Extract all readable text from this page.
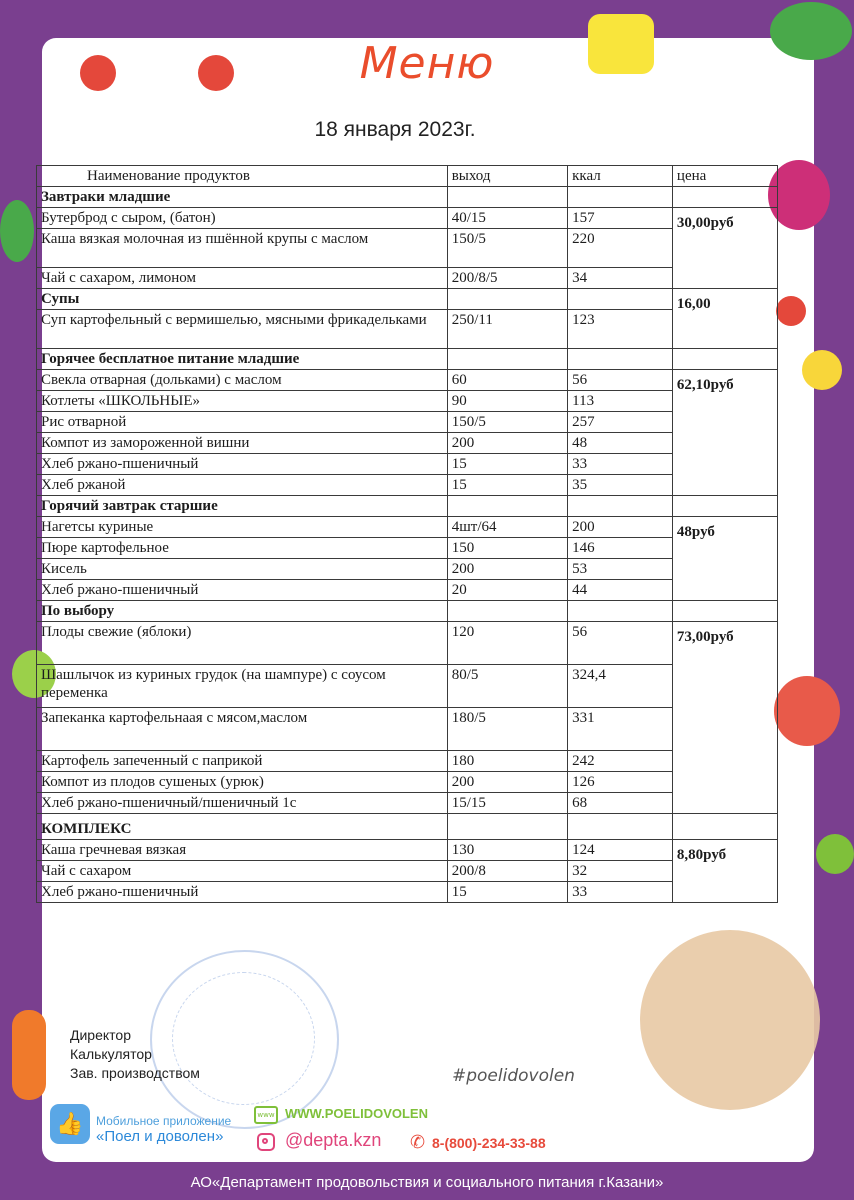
Меню
18 января 2023г.
Наименование продуктов	выход	ккал	цена
Завтраки младшие			
Бутерброд с сыром, (батон)	40/15	157	30,00руб
Каша вязкая молочная из пшённой крупы с маслом	150/5	220	
Чай с сахаром, лимоном	200/8/5	34	
Супы			16,00
Суп картофельный с вермишелью, мясными фрикадельками	250/11	123	
Горячее бесплатное питание младшие			
Свекла отварная (дольками) с маслом	60	56	62,10руб
Котлеты «ШКОЛЬНЫЕ»	90	113	
Рис отварной	150/5	257	
Компот из замороженной вишни	200	48	
Хлеб ржано-пшеничный	15	33	
Хлеб ржаной	15	35	
Горячий завтрак старшие			
Нагетсы куриные	4шт/64	200	48руб
Пюре картофельное	150	146	
Кисель	200	53	
Хлеб ржано-пшеничный	20	44	
По выбору			
Плоды свежие (яблоки)	120	56	73,00руб
Шашлычок из куриных грудок (на шампуре) с соусом переменка	80/5	324,4	
Запеканка картофельнаая с мясом,маслом	180/5	331	
Картофель запеченный с паприкой	180	242	
Компот из плодов сушеных (урюк)	200	126	
Хлеб ржано-пшеничный/пшеничный 1с	15/15	68	
КОМПЛЕКС			
Каша гречневая вязкая	130	124	8,80руб
Чай с сахаром	200/8	32	
Хлеб ржано-пшеничный	15	33	
Директор
Калькулятор
Зав. производством	#poelidovolen
👍	Мобильное приложение
«Поел и доволен»
www WWW.POELIDOVOLEN
@depta.kzn ✆ 8-(800)-234-33-88
АО«Департамент продовольствия и социального питания г.Казани»
